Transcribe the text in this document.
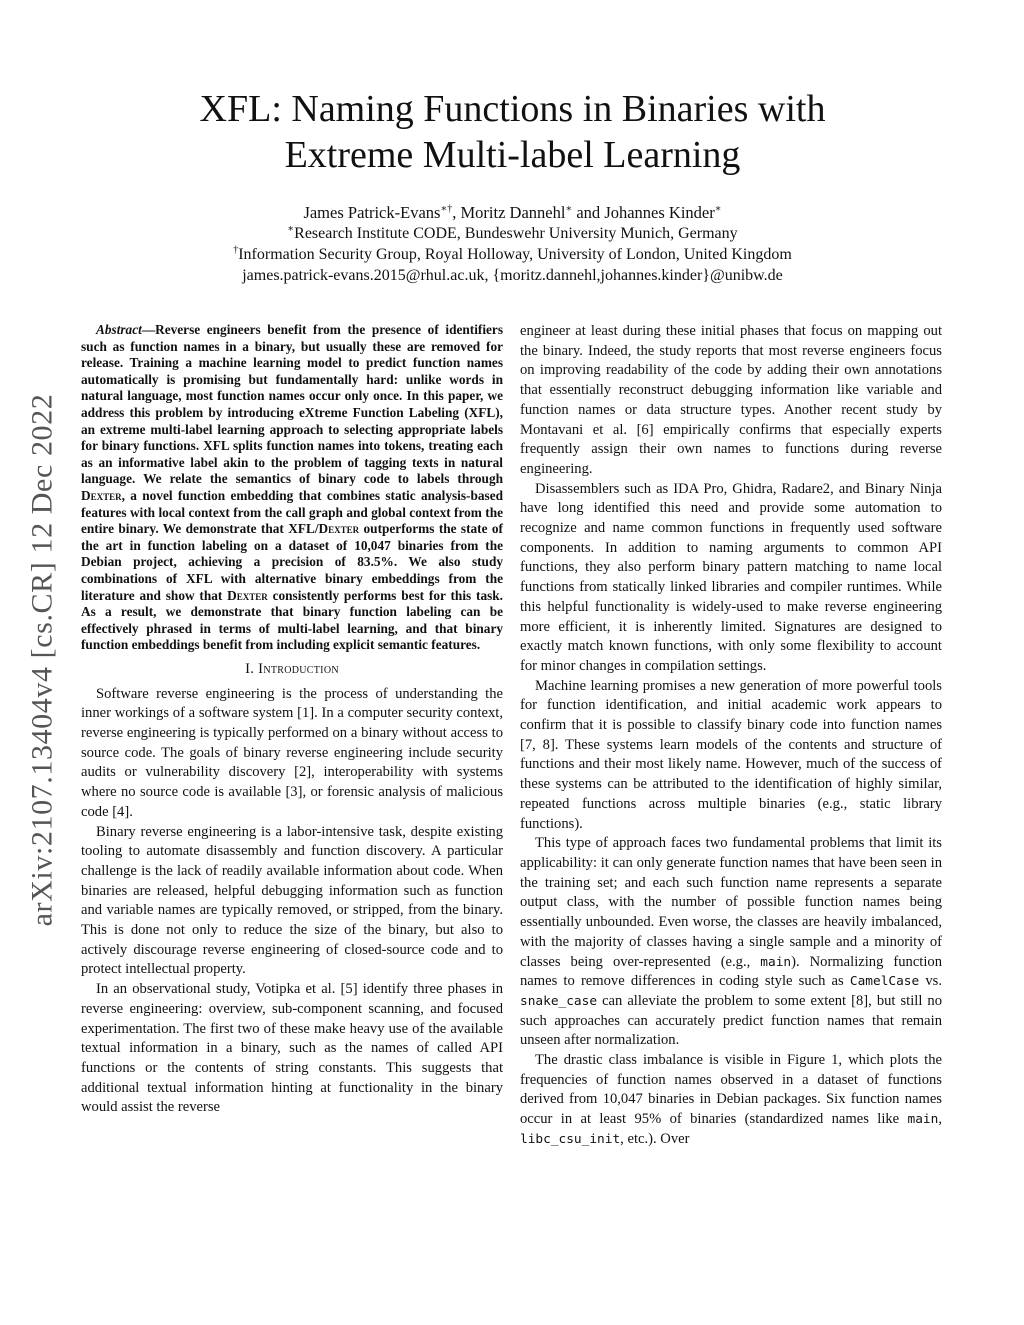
arXiv:2107.13404v4 [cs.CR] 12 Dec 2022
XFL: Naming Functions in Binaries with
Extreme Multi-label Learning
James Patrick-Evans∗†, Moritz Dannehl∗ and Johannes Kinder∗
∗Research Institute CODE, Bundeswehr University Munich, Germany
†Information Security Group, Royal Holloway, University of London, United Kingdom
james.patrick-evans.2015@rhul.ac.uk, {moritz.dannehl,johannes.kinder}@unibw.de

Abstract—Reverse engineers benefit from the presence of identifiers such as function names in a binary, but usually these are removed for release. Training a machine learning model to predict function names automatically is promising but fundamentally hard: unlike words in natural language, most function names occur only once. In this paper, we address this problem by introducing eXtreme Function Labeling (XFL), an extreme multi-label learning approach to selecting appropriate labels for binary functions. XFL splits function names into tokens, treating each as an informative label akin to the problem of tagging texts in natural language. We relate the semantics of binary code to labels through Dexter, a novel function embedding that combines static analysis-based features with local context from the call graph and global context from the entire binary. We demonstrate that XFL/Dexter outperforms the state of the art in function labeling on a dataset of 10,047 binaries from the Debian project, achieving a precision of 83.5%. We also study combinations of XFL with alternative binary embeddings from the literature and show that Dexter consistently performs best for this task. As a result, we demonstrate that binary function labeling can be effectively phrased in terms of multi-label learning, and that binary function embeddings benefit from including explicit semantic features.

I. Introduction

Software reverse engineering is the process of understanding the inner workings of a software system [1]. In a computer security context, reverse engineering is typically performed on a binary without access to source code. The goals of binary reverse engineering include security audits or vulnerability discovery [2], interoperability with systems where no source code is available [3], or forensic analysis of malicious code [4].

Binary reverse engineering is a labor-intensive task, despite existing tooling to automate disassembly and function discovery. A particular challenge is the lack of readily available information about code. When binaries are released, helpful debugging information such as function and variable names are typically removed, or stripped, from the binary. This is done not only to reduce the size of the binary, but also to actively discourage reverse engineering of closed-source code and to protect intellectual property.

In an observational study, Votipka et al. [5] identify three phases in reverse engineering: overview, sub-component scanning, and focused experimentation. The first two of these make heavy use of the available textual information in a binary, such as the names of called API functions or the contents of string constants. This suggests that additional textual information hinting at functionality in the binary would assist the reverse

engineer at least during these initial phases that focus on mapping out the binary. Indeed, the study reports that most reverse engineers focus on improving readability of the code by adding their own annotations that essentially reconstruct debugging information like variable and function names or data structure types. Another recent study by Montavani et al. [6] empirically confirms that especially experts frequently assign their own names to functions during reverse engineering.

Disassemblers such as IDA Pro, Ghidra, Radare2, and Binary Ninja have long identified this need and provide some automation to recognize and name common functions in frequently used software components. In addition to naming arguments to common API functions, they also perform binary pattern matching to name local functions from statically linked libraries and compiler runtimes. While this helpful functionality is widely-used to make reverse engineering more efficient, it is inherently limited. Signatures are designed to exactly match known functions, with only some flexibility to account for minor changes in compilation settings.

Machine learning promises a new generation of more powerful tools for function identification, and initial academic work appears to confirm that it is possible to classify binary code into function names [7, 8]. These systems learn models of the contents and structure of functions and their most likely name. However, much of the success of these systems can be attributed to the identification of highly similar, repeated functions across multiple binaries (e.g., static library functions).

This type of approach faces two fundamental problems that limit its applicability: it can only generate function names that have been seen in the training set; and each such function name represents a separate output class, with the number of possible function names being essentially unbounded. Even worse, the classes are heavily imbalanced, with the majority of classes having a single sample and a minority of classes being over-represented (e.g., main). Normalizing function names to remove differences in coding style such as CamelCase vs. snake_case can alleviate the problem to some extent [8], but still no such approaches can accurately predict function names that remain unseen after normalization.

The drastic class imbalance is visible in Figure 1, which plots the frequencies of function names observed in a dataset of functions derived from 10,047 binaries in Debian packages. Six function names occur in at least 95% of binaries (standardized names like main, libc_csu_init, etc.). Over
